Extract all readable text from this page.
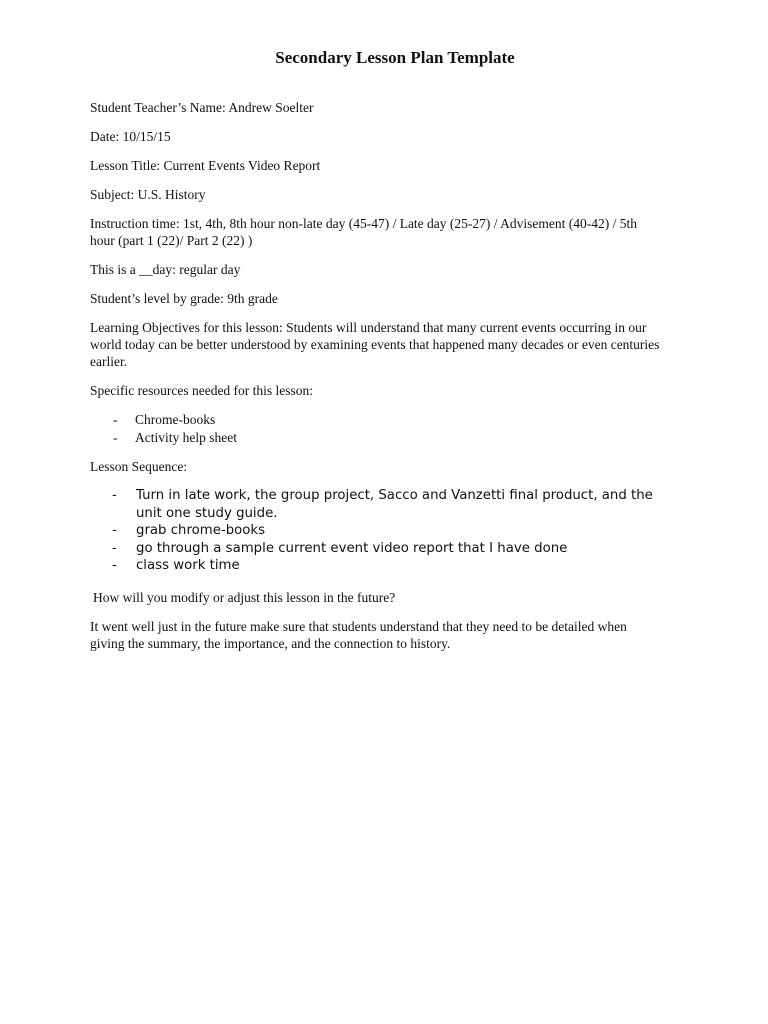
Secondary Lesson Plan Template

Student Teacher’s Name: Andrew Soelter

Date: 10/15/15

Lesson Title: Current Events Video Report

Subject: U.S. History

Instruction time: 1st, 4th, 8th hour non-late day (45-47) / Late day (25-27) / Advisement (40-42) / 5th hour (part 1 (22)/ Part 2 (22) )

This is a __day: regular day

Student’s level by grade: 9th grade

Learning Objectives for this lesson: Students will understand that many current events occurring in our world today can be better understood by examining events that happened many decades or even centuries earlier.

Specific resources needed for this lesson:

- Chrome-books
- Activity help sheet

Lesson Sequence:

- Turn in late work, the group project, Sacco and Vanzetti final product, and the unit one study guide.
- grab chrome-books
- go through a sample current event video report that I have done
- class work time

How will you modify or adjust this lesson in the future?

It went well just in the future make sure that students understand that they need to be detailed when giving the summary, the importance, and the connection to history.
